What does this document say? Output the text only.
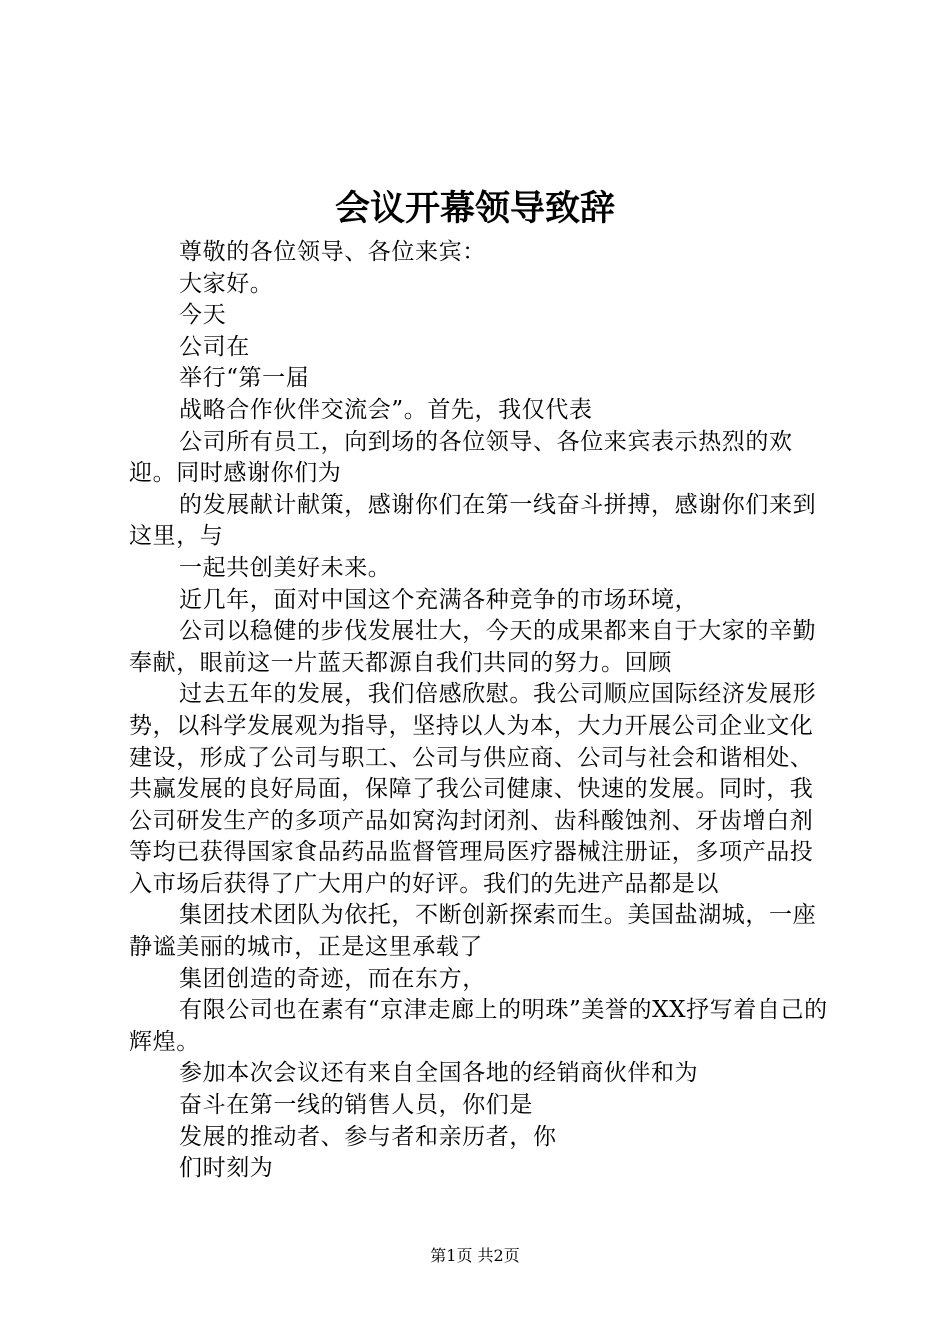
会议开幕领导致辞

尊敬的各位领导、各位来宾：

大家好。

今天

公司在

举行“第一届

战略合作伙伴交流会”。首先，我仅代表

公司所有员工，向到场的各位领导、各位来宾表示热烈的欢迎。同时感谢你们为

的发展献计献策，感谢你们在第一线奋斗拼搏，感谢你们来到这里，与

一起共创美好未来。

近几年，面对中国这个充满各种竞争的市场环境，

公司以稳健的步伐发展壮大，今天的成果都来自于大家的辛勤奉献，眼前这一片蓝天都源自我们共同的努力。回顾

过去五年的发展，我们倍感欣慰。我公司顺应国际经济发展形势，以科学发展观为指导，坚持以人为本，大力开展公司企业文化建设，形成了公司与职工、公司与供应商、公司与社会和谐相处、共赢发展的良好局面，保障了我公司健康、快速的发展。同时，我公司研发生产的多项产品如窝沟封闭剂、齿科酸蚀剂、牙齿增白剂等均已获得国家食品药品监督管理局医疗器械注册证，多项产品投入市场后获得了广大用户的好评。我们的先进产品都是以

集团技术团队为依托，不断创新探索而生。美国盐湖城，一座静谧美丽的城市，正是这里承载了

集团创造的奇迹，而在东方，

有限公司也在素有“京津走廊上的明珠”美誉的XX抒写着自己的辉煌。

参加本次会议还有来自全国各地的经销商伙伴和为

奋斗在第一线的销售人员，你们是

发展的推动者、参与者和亲历者，你

们时刻为

第1页 共2页
